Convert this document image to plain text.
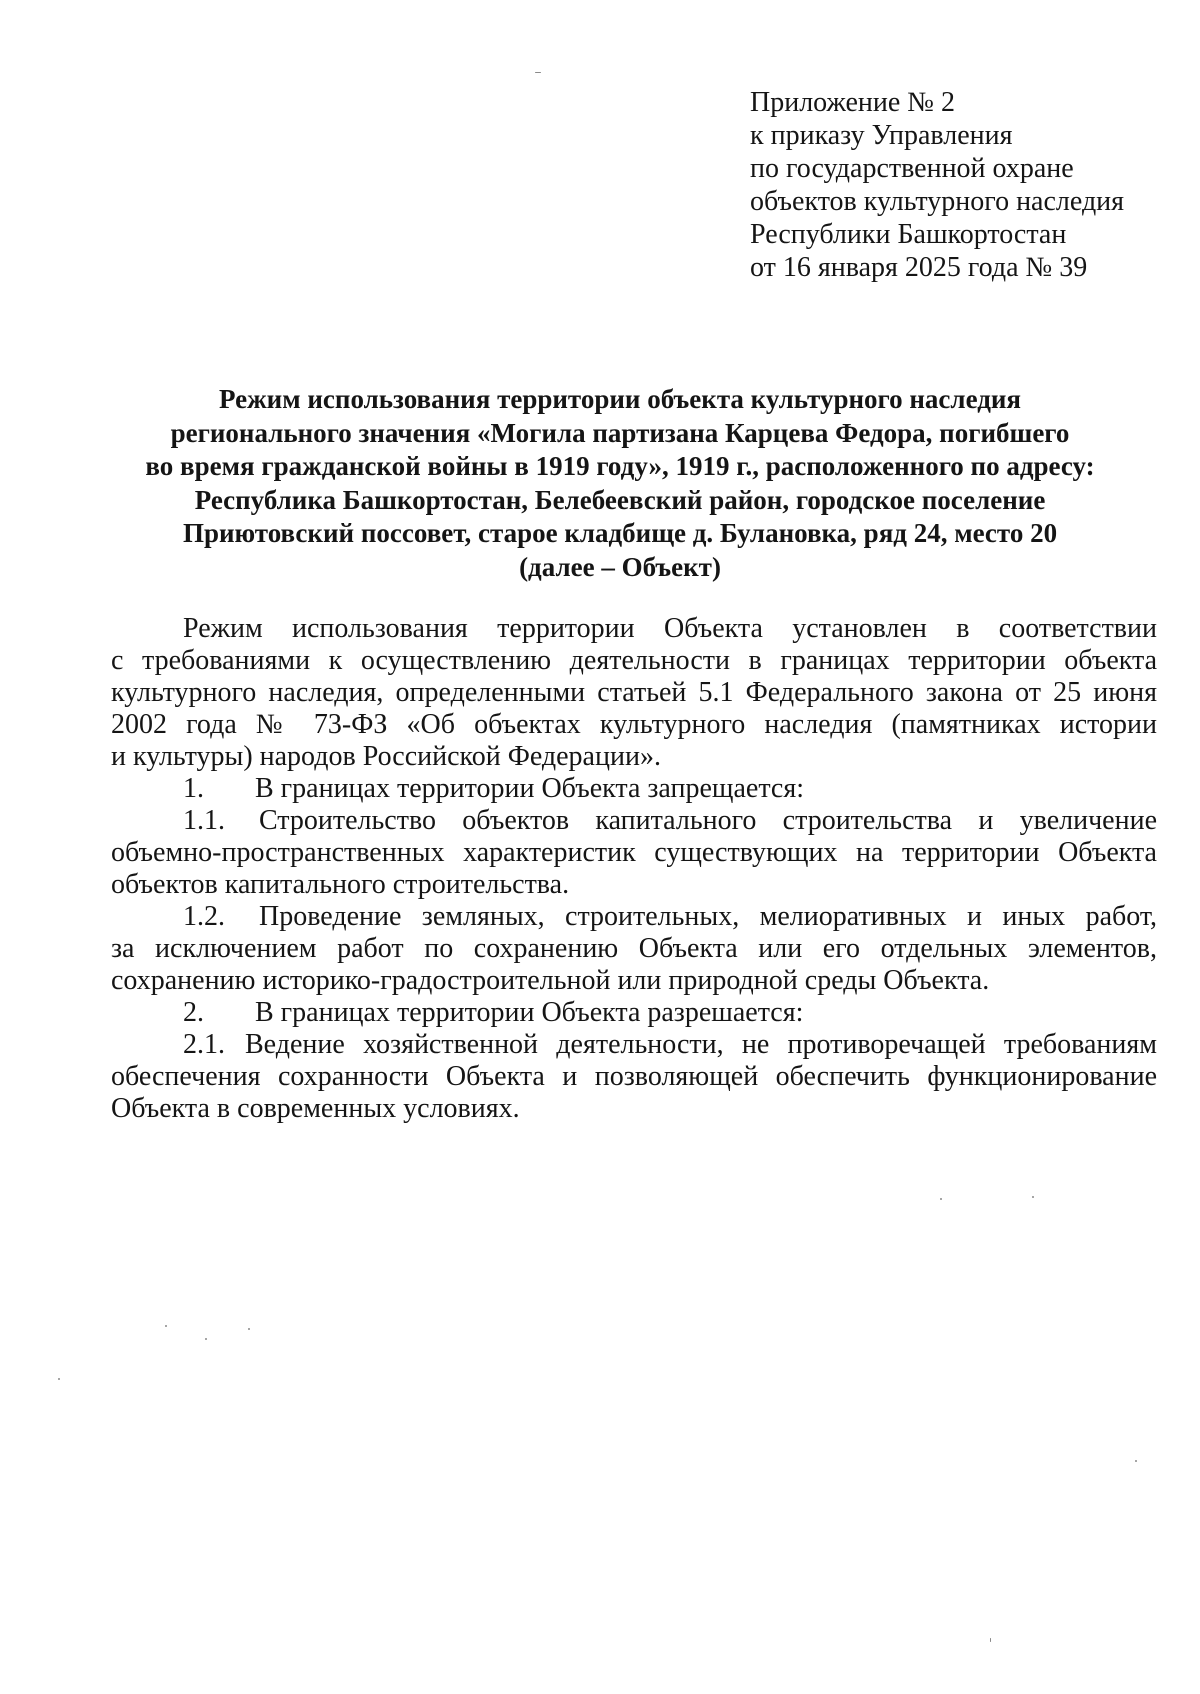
Приложение № 2
к приказу Управления
по государственной охране
объектов культурного наследия
Республики Башкортостан
от 16 января 2025 года № 39
Режим использования территории объекта культурного наследия
регионального значения «Могила партизана Карцева Федора, погибшего
во время гражданской войны в 1919 году», 1919 г., расположенного по адресу:
Республика Башкортостан, Белебеевский район, городское поселение
Приютовский поссовет, старое кладбище д. Булановка, ряд 24, место 20
(далее – Объект)
Режим использования территории Объекта установлен в соответствии
с требованиями к осуществлению деятельности в границах территории объекта
культурного наследия, определенными статьей 5.1 Федерального закона от 25 июня
2002 года № 73-ФЗ «Об объектах культурного наследия (памятниках истории
и культуры) народов Российской Федерации».
1. В границах территории Объекта запрещается:
1.1. Строительство объектов капитального строительства и увеличение
объемно-пространственных характеристик существующих на территории Объекта
объектов капитального строительства.
1.2. Проведение земляных, строительных, мелиоративных и иных работ,
за исключением работ по сохранению Объекта или его отдельных элементов,
сохранению историко-градостроительной или природной среды Объекта.
2. В границах территории Объекта разрешается:
2.1. Ведение хозяйственной деятельности, не противоречащей требованиям
обеспечения сохранности Объекта и позволяющей обеспечить функционирование
Объекта в современных условиях.
